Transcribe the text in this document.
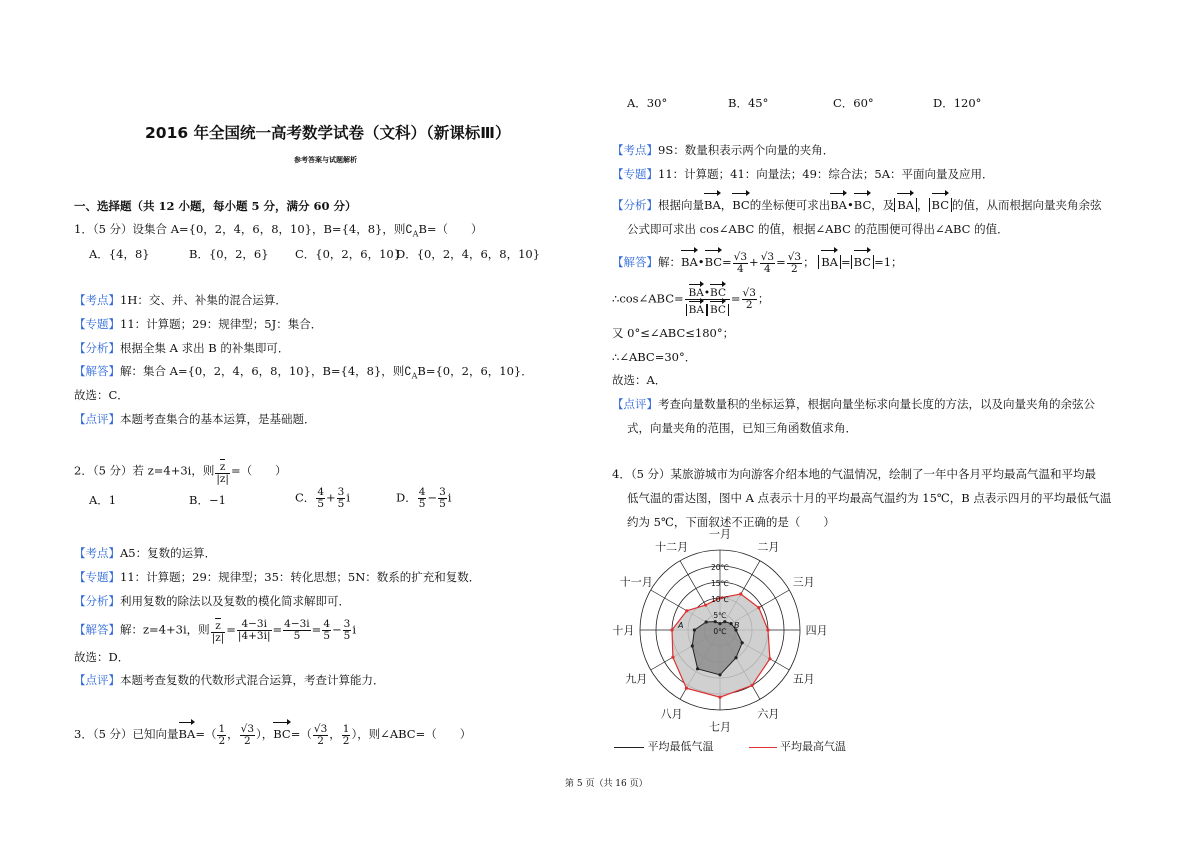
2016 年全国统一高考数学试卷（文科）（新课标Ⅲ）
参考答案与试题解析
一、选择题（共 12 小题，每小题 5 分，满分 60 分）
1．（5 分）设集合 A={0，2，4，6，8，10}，B={4，8}，则$∁_AB=$（　　）
A．{4，8}	B．{0，2，6} C．{0，2，6，10}
D．{0，2，4，6，8，10}
【考点】1H：交、并、补集的混合运算．
【专题】11：计算题；29：规律型；5J：集合．
【分析】根据全集 A 求出 B 的补集即可．
【解答】解：集合 A={0，2，4，6，8，10}，B={4，8}，则$∁_AB=\{0$，2，6，10}．
故选：C．
【点评】本题考查集合的基本运算，是基础题．
2．（5 分）若 z=4+3i，则 $\frac{z}{|z|}$ =（　　）
A．1	B．−1	C． $\frac{4}{5} + \frac{3}{5}$ i	D． $\frac{4}{5} - \frac{3}{5}$ i
【考点】A5：复数的运算．
【专题】11：计算题；29：规律型；35：转化思想；5N：数系的扩充和复数．
【分析】利用复数的除法以及复数的模化简求解即可．
【解答】解：z=4+3i，则 $\frac{z}{|z|} = \frac{4-3i}{|4+3i|} = \frac{4-3i}{5} = \frac{4}{5} - \frac{3}{5}$ i
故选：D．
【点评】本题考查复数的代数形式混合运算，考查计算能力．
3．（5 分）已知向量$BA=( \frac{1}{2}$ ， $\frac{√3}{2}$ ），$BC=( \frac{√3}{2}$ ， $\frac{1}{2}$ ），则∠ABC=（　　）
A．30°	B．45°	C．60°	D．120°
【考点】9S：数量积表示两个向量的夹角．
【专题】11：计算题；41：向量法；49：综合法；5A：平面向量及应用．
【分析】根据向量BA，BC的坐标便可求出BA•BC，及 BA ， BC 的值，从而根据向量夹角余弦
公式即可求出 cos∠ABC 的值，根据∠ABC 的范围便可得出∠ABC 的值．
【解答】解：BA•BC= $\frac{√3}{4} + \frac{√3}{4} = \frac{√3}{2}$ ； BA = BC =1；
∴cos∠ABC= $\frac{BA•BC}{\text{BA BC}} = \frac{√3}{2}$ ；
又 0°≤∠ABC≤180°；
∴∠ABC=30°．
故选：A．
【点评】考查向量数量积的坐标运算，根据向量坐标求向量长度的方法，以及向量夹角的余弦公
式，向量夹角的范围，已知三角函数值求角．
4．（5 分）某旅游城市为向游客介绍本地的气温情况，绘制了一年中各月平均最高气温和平均最
低气温的雷达图，图中 A 点表示十月的平均最高气温约为 15℃，B 点表示四月的平均最低气温
约为 5℃，下面叙述不正确的是（　　）
0℃
5℃
10℃
15℃
20℃
一月
二月
三月
四月
五月
六月
七月
八月
九月
十月
十一月
十二月
A	B
平均最低气温	平均最高气温
第 5 页（共 16 页）
